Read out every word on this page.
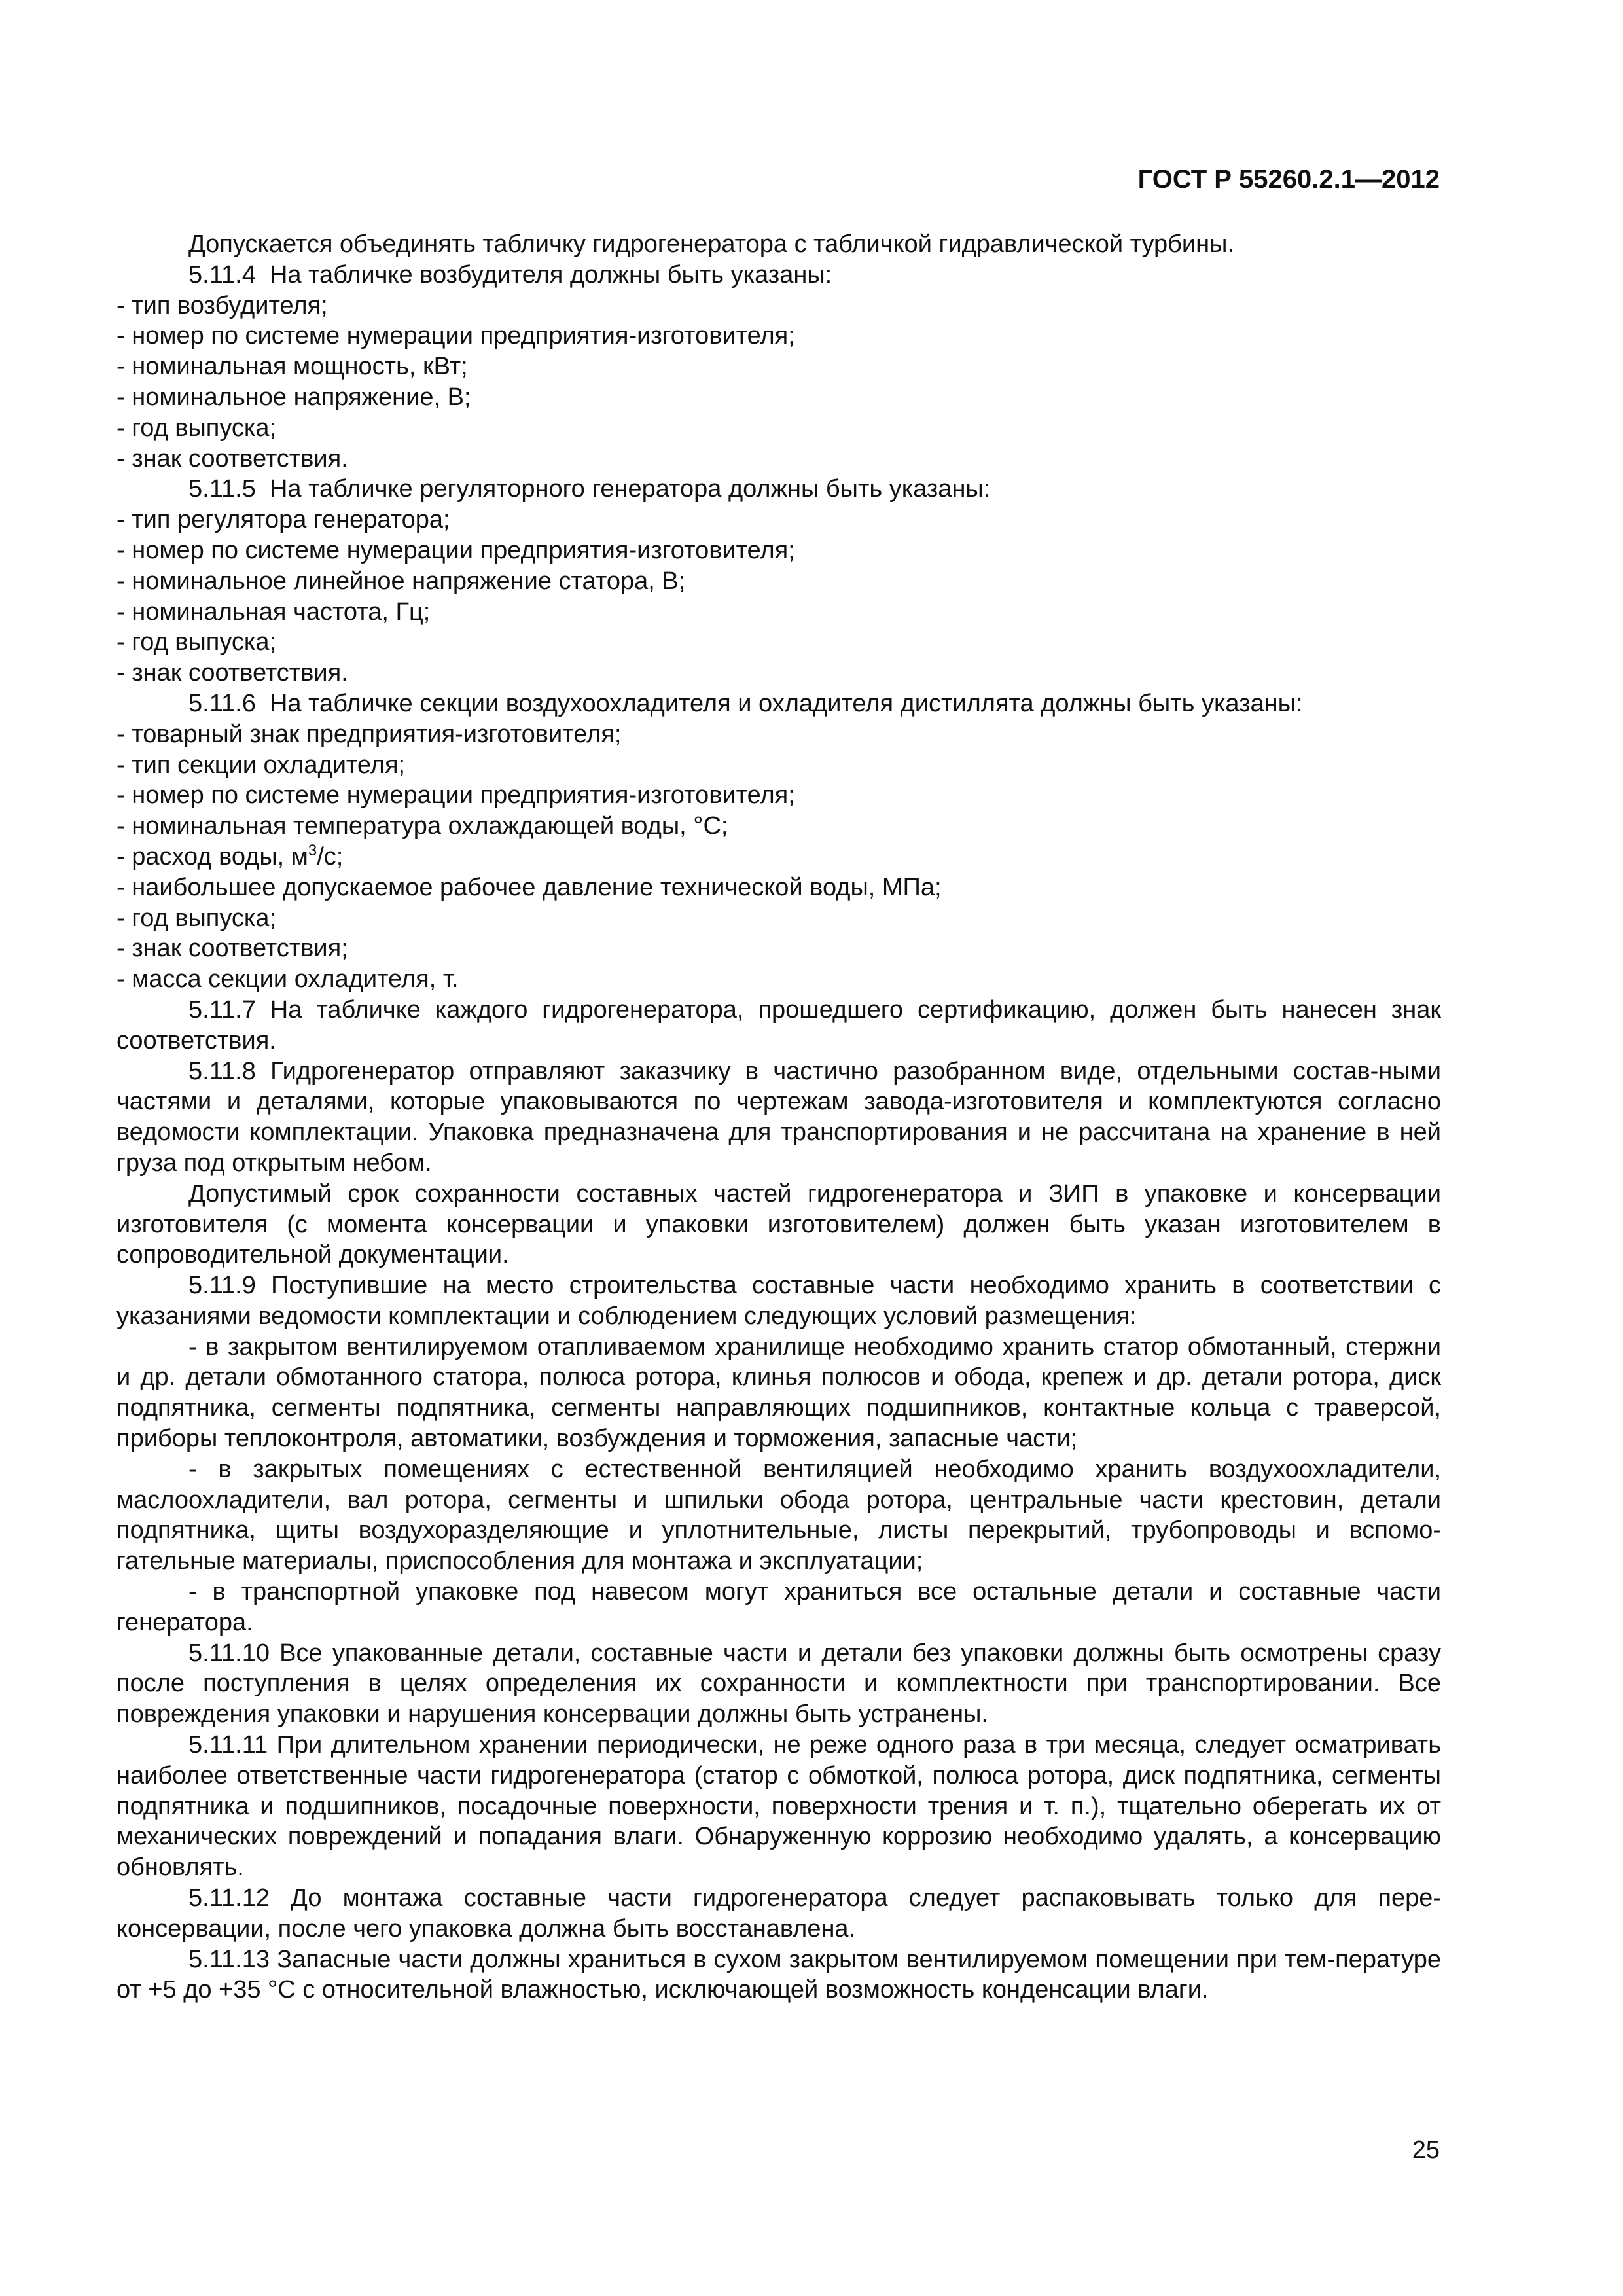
ГОСТ Р 55260.2.1—2012
Допускается объединять табличку гидрогенератора с табличкой гидравлической турбины.
5.11.4  На табличке возбудителя должны быть указаны:
- тип возбудителя;
- номер по системе нумерации предприятия-изготовителя;
- номинальная мощность, кВт;
- номинальное напряжение, В;
- год выпуска;
- знак соответствия.
5.11.5  На табличке регуляторного генератора должны быть указаны:
- тип регулятора генератора;
- номер по системе нумерации предприятия-изготовителя;
- номинальное линейное напряжение статора, В;
- номинальная частота, Гц;
- год выпуска;
- знак соответствия.
5.11.6  На табличке секции воздухоохладителя и охладителя дистиллята должны быть указаны:
- товарный знак предприятия-изготовителя;
- тип секции охладителя;
- номер по системе нумерации предприятия-изготовителя;
- номинальная температура охлаждающей воды, °С;
- расход воды, $м^3/с$;
- наибольшее допускаемое рабочее давление технической воды, МПа;
- год выпуска;
- знак соответствия;
- масса секции охладителя, т.
5.11.7 На табличке каждого гидрогенератора, прошедшего сертификацию, должен быть нанесен знак соответствия.
5.11.8 Гидрогенератор отправляют заказчику в частично разобранном виде, отдельными состав-ными частями и деталями, которые упаковываются по чертежам завода-изготовителя и комплектуются согласно ведомости комплектации. Упаковка предназначена для транспортирования и не рассчитана на хранение в ней груза под открытым небом.
Допустимый срок сохранности составных частей гидрогенератора и ЗИП в упаковке и консервации изготовителя (с момента консервации и упаковки изготовителем) должен быть указан изготовителем в сопроводительной документации.
5.11.9 Поступившие на место строительства составные части необходимо хранить в соответствии с указаниями ведомости комплектации и соблюдением следующих условий размещения:
- в закрытом вентилируемом отапливаемом хранилище необходимо хранить статор обмотанный, стержни и др. детали обмотанного статора, полюса ротора, клинья полюсов и обода, крепеж и др. детали ротора, диск подпятника, сегменты подпятника, сегменты направляющих подшипников, контактные кольца с траверсой, приборы теплоконтроля, автоматики, возбуждения и торможения, запасные части;
- в закрытых помещениях с естественной вентиляцией необходимо хранить воздухоохладители, маслоохладители, вал ротора, сегменты и шпильки обода ротора, центральные части крестовин, детали подпятника, щиты воздухоразделяющие и уплотнительные, листы перекрытий, трубопроводы и вспомо-гательные материалы, приспособления для монтажа и эксплуатации;
- в транспортной упаковке под навесом могут храниться все остальные детали и составные части генератора.
5.11.10 Все упакованные детали, составные части и детали без упаковки должны быть осмотрены сразу после поступления в целях определения их сохранности и комплектности при транспортировании. Все повреждения упаковки и нарушения консервации должны быть устранены.
5.11.11 При длительном хранении периодически, не реже одного раза в три месяца, следует осматривать наиболее ответственные части гидрогенератора (статор с обмоткой, полюса ротора, диск подпятника, сегменты подпятника и подшипников, посадочные поверхности, поверхности трения и т. п.), тщательно оберегать их от механических повреждений и попадания влаги. Обнаруженную коррозию необходимо удалять, а консервацию обновлять.
5.11.12 До монтажа составные части гидрогенератора следует распаковывать только для пере-консервации, после чего упаковка должна быть восстанавлена.
5.11.13 Запасные части должны храниться в сухом закрытом вентилируемом помещении при тем-пературе от +5 до +35 °С с относительной влажностью, исключающей возможность конденсации влаги.
25
